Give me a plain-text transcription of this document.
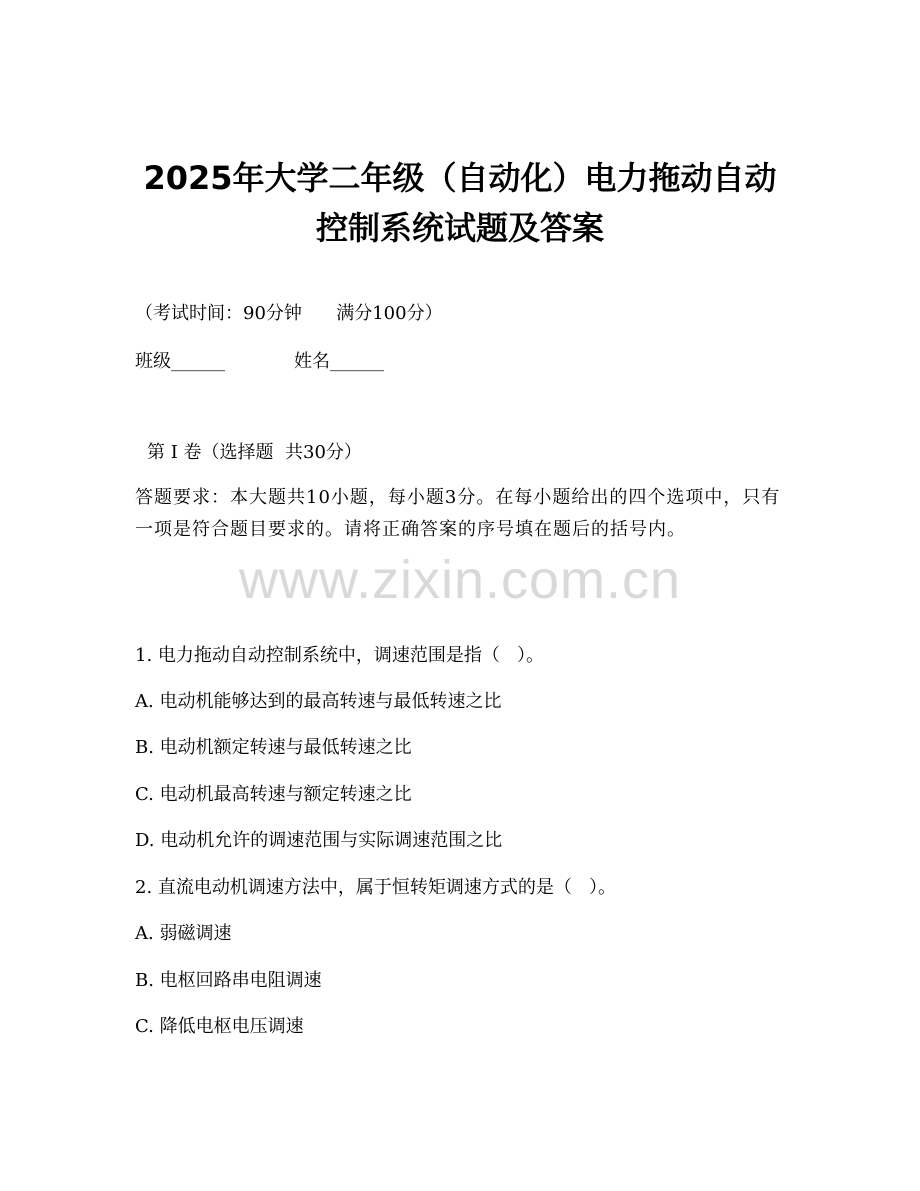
2025年大学二年级（自动化）电力拖动自动
控制系统试题及答案
（考试时间：90分钟      满分100分）
班级______	姓名______
第 I 卷（选择题  共30分）
答题要求：本大题共10小题，每小题3分。在每小题给出的四个选项中，只有一项是符合题目要求的。请将正确答案的序号填在题后的括号内。
www.zixin.com.cn
1. 电力拖动自动控制系统中，调速范围是指（   ）。
A. 电动机能够达到的最高转速与最低转速之比
B. 电动机额定转速与最低转速之比
C. 电动机最高转速与额定转速之比
D. 电动机允许的调速范围与实际调速范围之比
2. 直流电动机调速方法中，属于恒转矩调速方式的是（   ）。
A. 弱磁调速
B. 电枢回路串电阻调速
C. 降低电枢电压调速
